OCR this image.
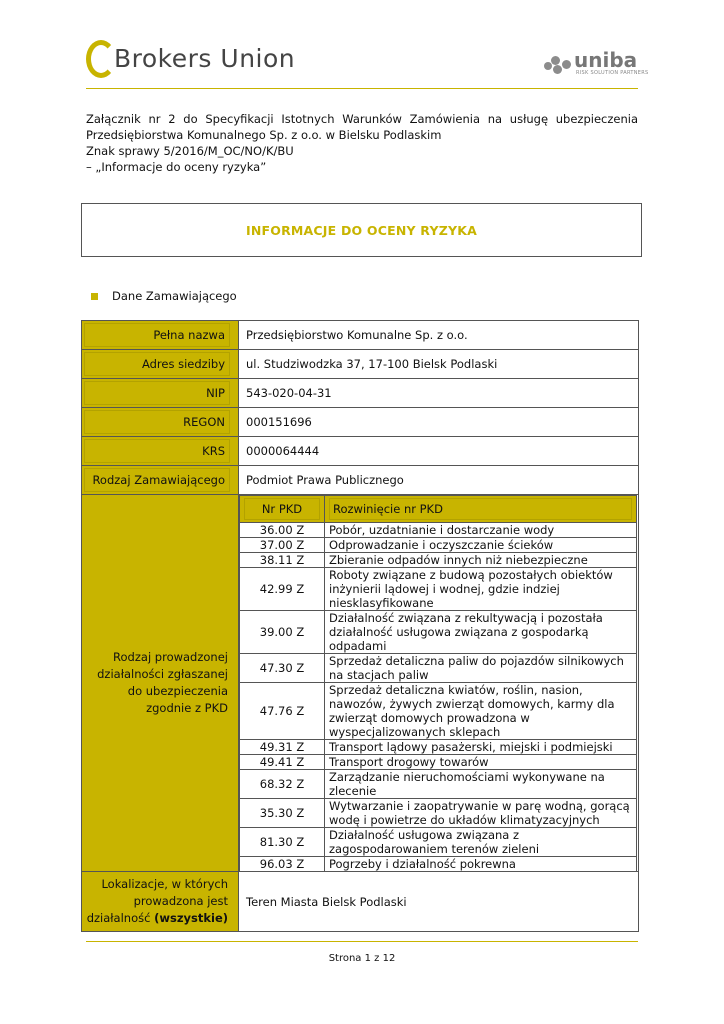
Brokers Union	uniba
RISK SOLUTION PARTNERS
Załącznik nr 2 do Specyfikacji Istotnych Warunków Zamówienia na usługę ubezpieczenia
Przedsiębiorstwa Komunalnego Sp. z o.o. w Bielsku Podlaskim
Znak sprawy 5/2016/M_OC/NO/K/BU
– „Informacje do oceny ryzyka”
INFORMACJE DO OCENY RYZYKA
Dane Zamawiającego
Pełna nazwa	Przedsiębiorstwo Komunalne Sp. z o.o.

Adres siedziby	ul. Studziwodzka 37, 17-100 Bielsk Podlaski

NIP	543-020-04-31

REGON	000151696

KRS	0000064444

Rodzaj Zamawiającego	Podmiot Prawa Publicznego

Rodzaj prowadzonej działalności zgłaszanej do ubezpieczenia zgodnie z PKD

Nr PKD	Rozwinięcie nr PKD

36.00 Z	Pobór, uzdatnianie i dostarczanie wody
37.00 Z	Odprowadzanie i oczyszczanie ścieków
38.11 Z	Zbieranie odpadów innych niż niebezpieczne
42.99 Z	Roboty związane z budową pozostałych obiektów inżynierii lądowej i wodnej, gdzie indziej niesklasyfikowane
39.00 Z	Działalność związana z rekultywacją i pozostała działalność usługowa związana z gospodarką odpadami
47.30 Z	Sprzedaż detaliczna paliw do pojazdów silnikowych na stacjach paliw
47.76 Z	Sprzedaż detaliczna kwiatów, roślin, nasion, nawozów, żywych zwierząt domowych, karmy dla zwierząt domowych prowadzona w wyspecjalizowanych sklepach
49.31 Z	Transport lądowy pasażerski, miejski i podmiejski
49.41 Z	Transport drogowy towarów
68.32 Z	Zarządzanie nieruchomościami wykonywane na zlecenie
35.30 Z	Wytwarzanie i zaopatrywanie w parę wodną, gorącą wodę i powietrze do układów klimatyzacyjnych
81.30 Z	Działalność usługowa związana z zagospodarowaniem terenów zieleni
96.03 Z	Pogrzeby i działalność pokrewna

Lokalizacje, w których prowadzona jest działalność (wszystkie)
	Teren Miasta Bielsk Podlaski
Strona 1 z 12
